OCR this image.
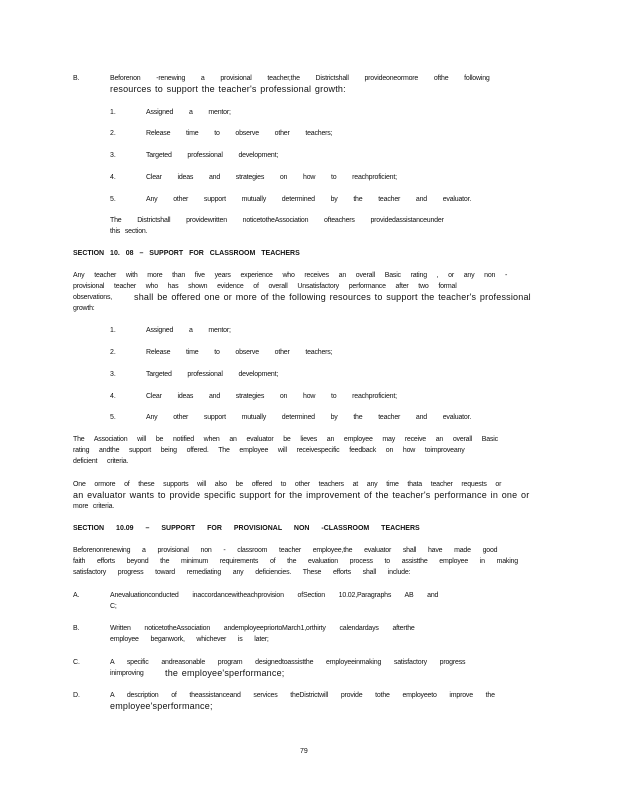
B.	Beforenon -renewing a provisional teacher,the Districtshall provideoneormore ofthe following
resources to support the teacher's professional growth:
1.	Assigned a mentor;
2.	Release time to observe other teachers;
3.	Targeted professional development;
4.	Clear ideas and strategies on how to reachproficient;
5.	Any other support mutually determined by the teacher and evaluator.
The Districtshall providewritten noticetotheAssociation ofteachers providedassistanceunder
this section.
SECTION 10. 08 – SUPPORT FOR CLASSROOM TEACHERS
Any teacher with more than five years experience who receives an overall Basic rating , or any non -
provisional teacher who has shown evidence of overall Unsatisfactory performance after two formal
observations, shall be offered one or more of the following resources to support the teacher's professional
growth:
1.	Assigned a mentor;
2.	Release time to observe other teachers;
3.	Targeted professional development;
4.	Clear ideas and strategies on how to reachproficient;
5.	Any other support mutually determined by the teacher and evaluator.
The Association will be notified when an evaluator be lieves an employee may receive an overall Basic
rating andthe support being offered. The employee will receivespecific feedback on how toimproveany
deficient criteria.
One ormore of these supports will also be offered to other teachers at any time thata teacher requests or
an evaluator wants to provide specific support for the improvement of the teacher's performance in one or
more criteria.
SECTION 10.09 – SUPPORT FOR PROVISIONAL NON -CLASSROOM TEACHERS
Beforenonrenewing a provisional non - classroom teacher employee,the evaluator shall have made good
faith efforts beyond the minimum requirements of the evaluation process to assistthe employee in making
satisfactory progress toward remediating any deficiencies. These efforts shall include:
A.	Anevaluationconducted inaccordancewitheachprovision ofSection 10.02,Paragraphs AB and
C;
B.	Written noticetotheAssociation andemployeepriortoMarch1,orthirty calendardays afterthe
employee beganwork, whichever is later;
C.	A specific andreasonable program designedtoassistthe employeeinmaking satisfactory progress
inimproving the employee'sperformance;
D.	A description of theassistanceand services theDistrictwill provide tothe employeeto improve the
employee'sperformance;
79
